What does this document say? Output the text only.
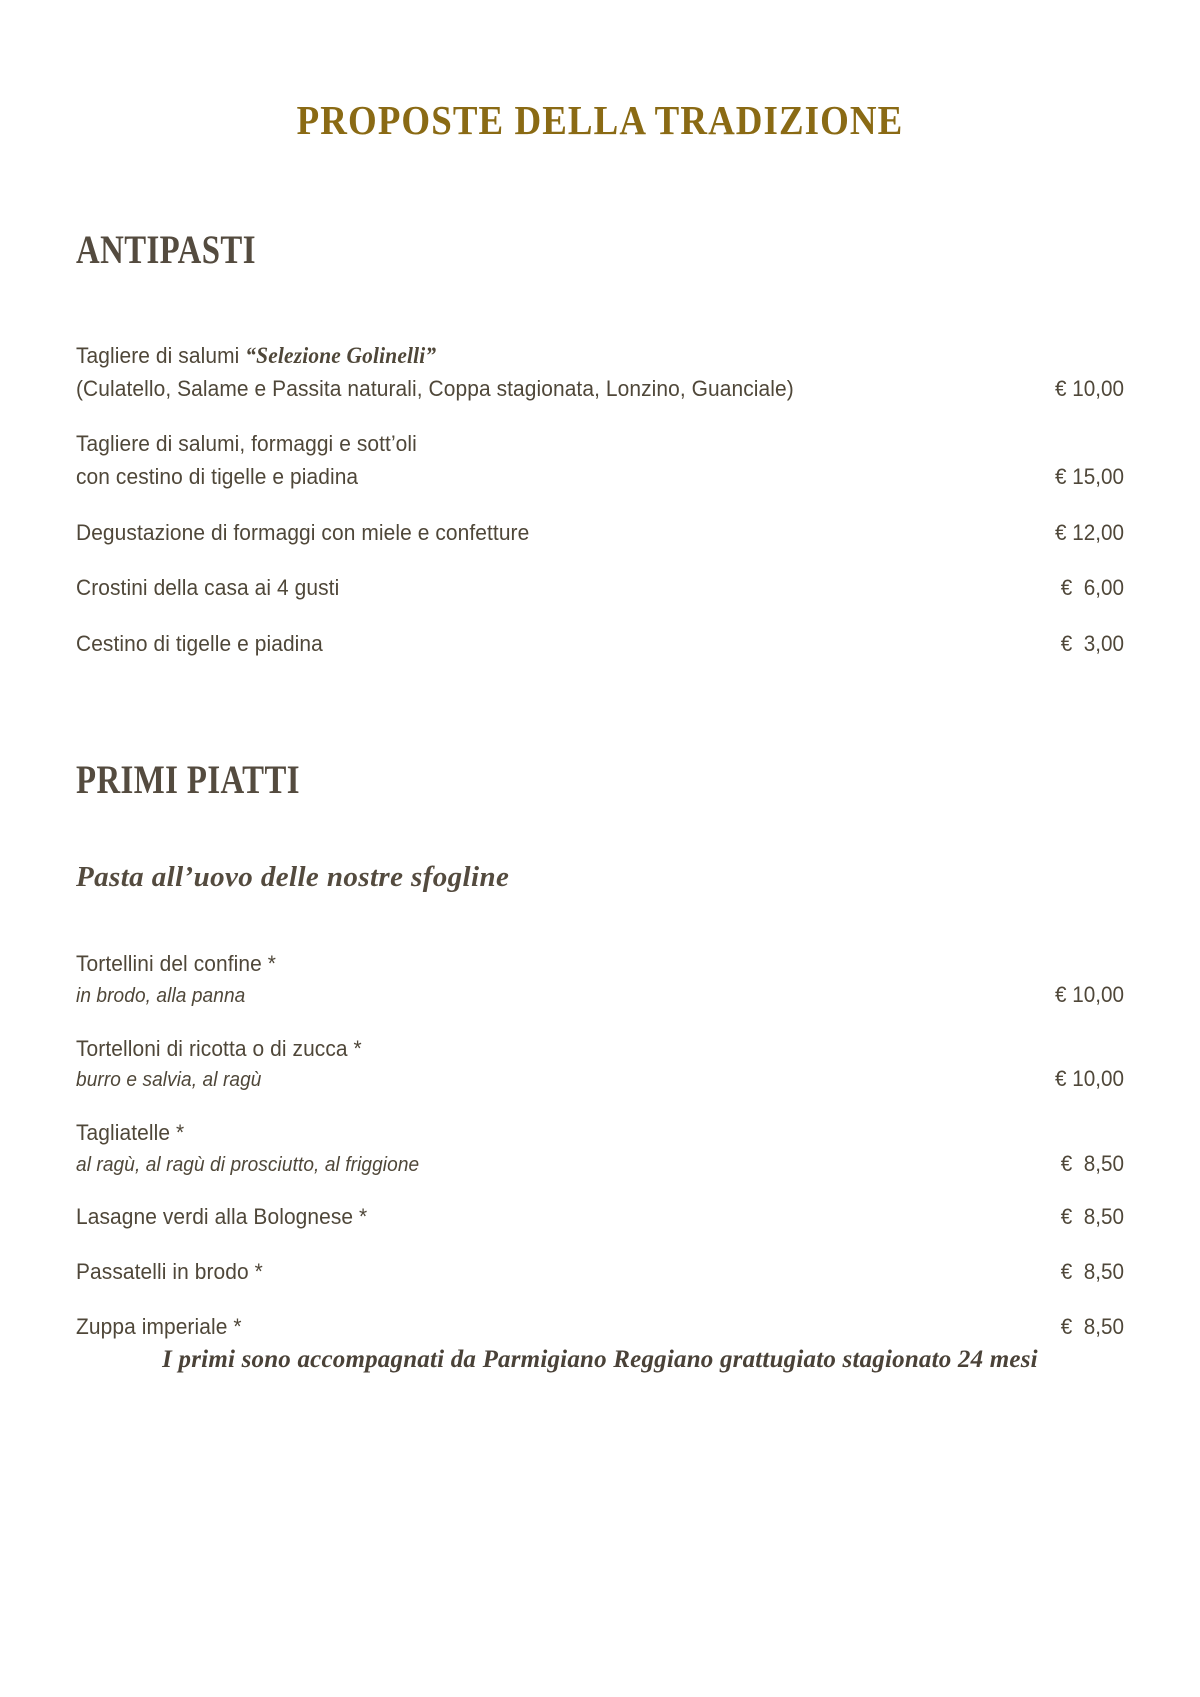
PROPOSTE DELLA TRADIZIONE
ANTIPASTI
Tagliere di salumi “Selezione Golinelli”
(Culatello, Salame e Passita naturali, Coppa stagionata, Lonzino, Guanciale)	€ 10,00
Tagliere di salumi, formaggi e sott’oli
con cestino di tigelle e piadina	€ 15,00
Degustazione di formaggi con miele e confetture	€ 12,00
Crostini della casa ai 4 gusti	€  6,00
Cestino di tigelle e piadina	€  3,00
PRIMI PIATTI
Pasta all’uovo delle nostre sfogline
Tortellini del confine *
in brodo, alla panna	€ 10,00
Tortelloni di ricotta o di zucca *
burro e salvia, al ragù	€ 10,00
Tagliatelle *
al ragù, al ragù di prosciutto, al friggione	€  8,50
Lasagne verdi alla Bolognese *	€  8,50
Passatelli in brodo *	€  8,50
Zuppa imperiale *	€  8,50
I primi sono accompagnati da Parmigiano Reggiano grattugiato stagionato 24 mesi
